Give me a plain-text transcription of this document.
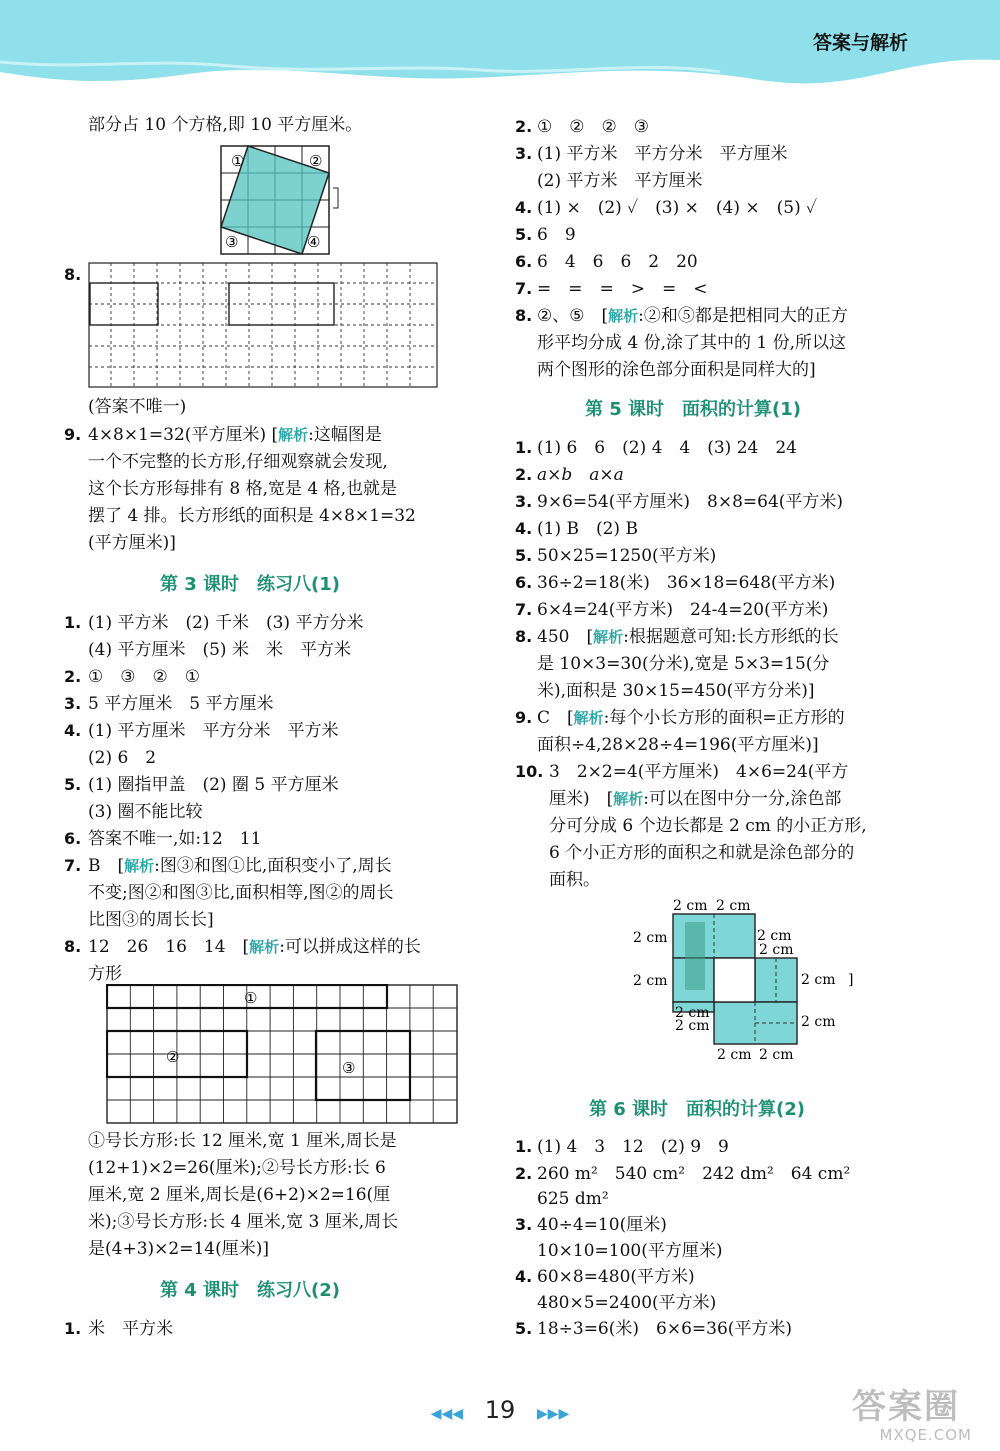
答案与解析
部分占 10 个方格,即 10 平方厘米。
①	②
③	④
8.
(答案不唯一)
9. 4×8×1=32(平方厘米) [解析:这幅图是
一个不完整的长方形,仔细观察就会发现,
这个长方形每排有 8 格,宽是 4 格,也就是
摆了 4 排。长方形纸的面积是 4×8×1=32
(平方厘米)]
第 3 课时　练习八(1)
1. (1) 平方米　(2) 千米　(3) 平方分米
(4) 平方厘米　(5) 米　米　平方米
2. ①　③　②　①
3. 5 平方厘米　5 平方厘米
4. (1) 平方厘米　平方分米　平方米
(2) 6　2
5. (1) 圈指甲盖　(2) 圈 5 平方厘米
(3) 圈不能比较
6. 答案不唯一,如:12　11
7. B　[解析:图③和图①比,面积变小了,周长
不变;图②和图③比,面积相等,图②的周长
比图③的周长长]
8. 12　26　16　14　[解析:可以拼成这样的长
方形
①
②
③
①号长方形:长 12 厘米,宽 1 厘米,周长是
(12+1)×2=26(厘米);②号长方形:长 6
厘米,宽 2 厘米,周长是(6+2)×2=16(厘
米);③号长方形:长 4 厘米,宽 3 厘米,周长
是(4+3)×2=14(厘米)]
第 4 课时　练习八(2)
1. 米　平方米
2. ①　②　②　③
3. (1) 平方米　平方分米　平方厘米
(2) 平方米　平方厘米
4. (1) ×　(2) ✓　(3) ×　(4) ×　(5) ✓
5. 6　9
6. 6　4　6　6　2　20
7. =　=　=　>　=　<
8. ②、⑤　[解析:②和⑤都是把相同大的正方
形平均分成 4 份,涂了其中的 1 份,所以这
两个图形的涂色部分面积是同样大的]
第 5 课时　面积的计算(1)
1. (1) 6　6　(2) 4　4　(3) 24　24
2. a×b　a×a
3. 9×6=54(平方厘米)　8×8=64(平方米)
4. (1) B　(2) B
5. 50×25=1250(平方米)
6. 36÷2=18(米)　36×18=648(平方米)
7. 6×4=24(平方米)　24-4=20(平方米)
8. 450　[解析:根据题意可知:长方形纸的长
是 10×3=30(分米),宽是 5×3=15(分
米),面积是 30×15=450(平方分米)]
9. C　[解析:每个小长方形的面积=正方形的
面积÷4,28×28÷4=196(平方厘米)]
10. 3　2×2=4(平方厘米)　4×6=24(平方
厘米)　[解析:可以在图中分一分,涂色部
分可分成 6 个边长都是 2 cm 的小正方形,
6 个小正方形的面积之和就是涂色部分的
面积。
2 cm 2 cm
2 cm	2 cm
2 cm
2 cm	2 cm
2 cm
2 cm	2 cm
2 cm 2 cm
]
第 6 课时　面积的计算(2)
1. (1) 4　3　12　(2) 9　9
2. 260 m²　540 cm²　242 dm²　64 cm²
625 dm²
3. 40÷4=10(厘米)
10×10=100(平方厘米)
4. 60×8=480(平方米)
480×5=2400(平方米)
5. 18÷3=6(米)　6×6=36(平方米)
◀◀◀ 19 ▶▶▶	答案圈
MXQE.COM
